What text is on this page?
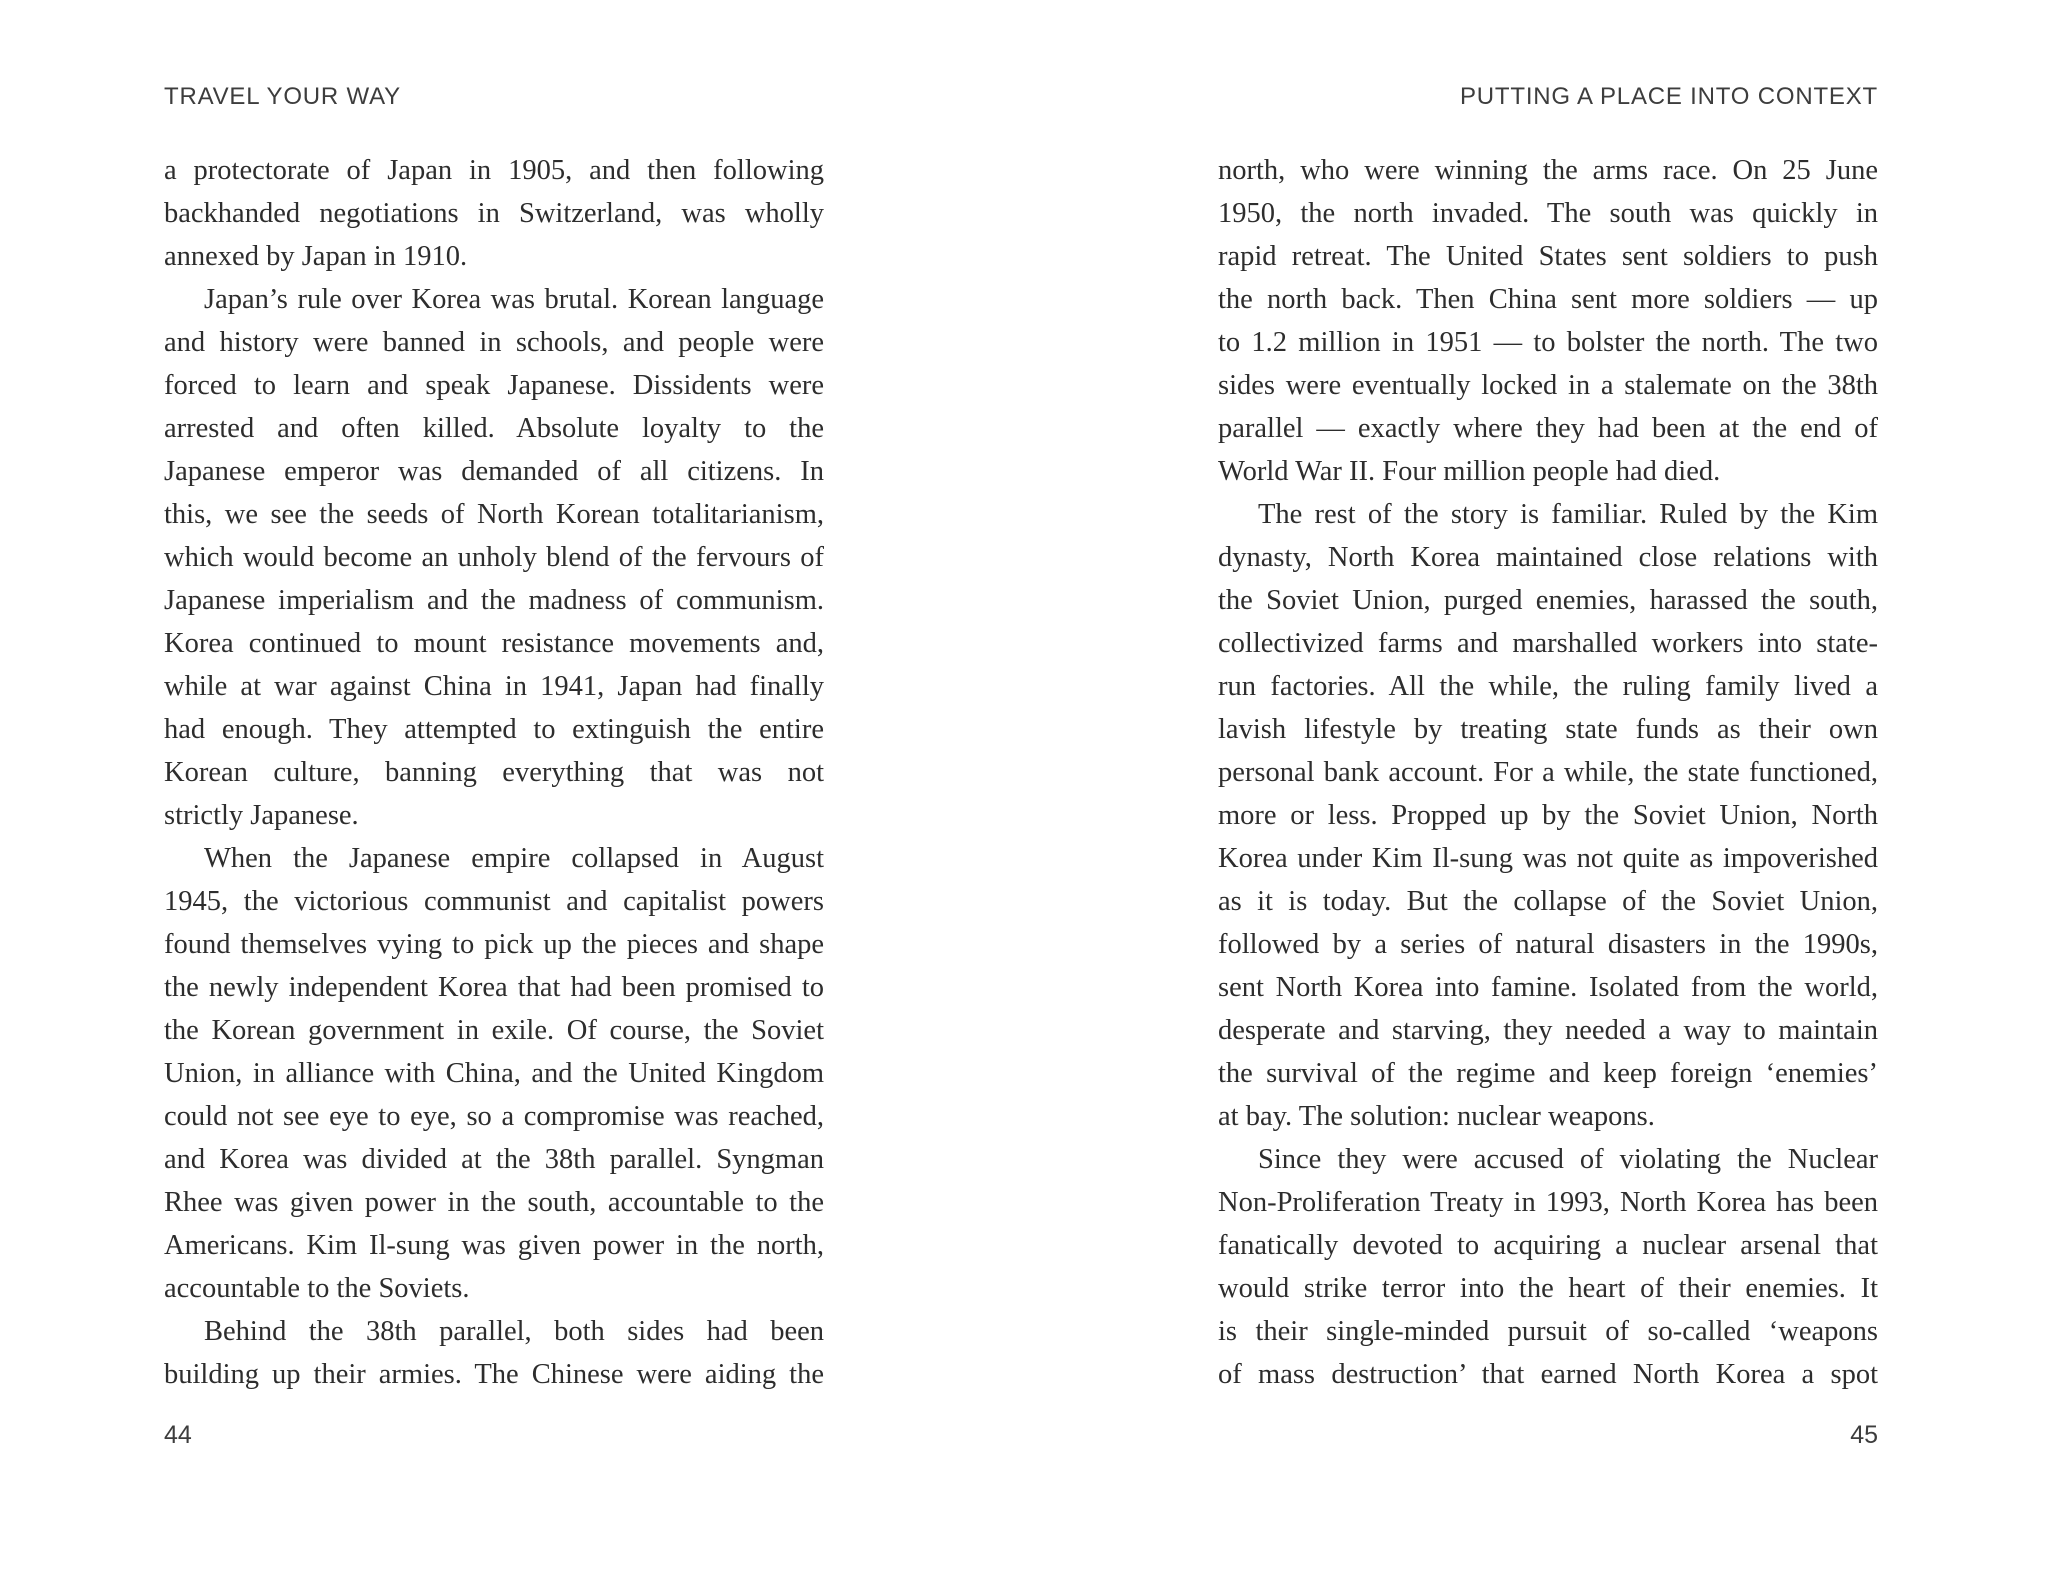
TRAVEL YOUR WAY
a protectorate of Japan in 1905, and then following
backhanded negotiations in Switzerland, was wholly
annexed by Japan in 1910.
Japan’s rule over Korea was brutal. Korean language
and history were banned in schools, and people were
forced to learn and speak Japanese. Dissidents were
arrested and often killed. Absolute loyalty to the
Japanese emperor was demanded of all citizens. In
this, we see the seeds of North Korean totalitarianism,
which would become an unholy blend of the fervours of
Japanese imperialism and the madness of communism.
Korea continued to mount resistance movements and,
while at war against China in 1941, Japan had finally
had enough. They attempted to extinguish the entire
Korean culture, banning everything that was not
strictly Japanese.
When the Japanese empire collapsed in August
1945, the victorious communist and capitalist powers
found themselves vying to pick up the pieces and shape
the newly independent Korea that had been promised to
the Korean government in exile. Of course, the Soviet
Union, in alliance with China, and the United Kingdom
could not see eye to eye, so a compromise was reached,
and Korea was divided at the 38th parallel. Syngman
Rhee was given power in the south, accountable to the
Americans. Kim Il-sung was given power in the north,
accountable to the Soviets.
Behind the 38th parallel, both sides had been
building up their armies. The Chinese were aiding the
44
PUTTING A PLACE INTO CONTEXT
north, who were winning the arms race. On 25 June
1950, the north invaded. The south was quickly in
rapid retreat. The United States sent soldiers to push
the north back. Then China sent more soldiers — up
to 1.2 million in 1951 — to bolster the north. The two
sides were eventually locked in a stalemate on the 38th
parallel — exactly where they had been at the end of
World War II. Four million people had died.
The rest of the story is familiar. Ruled by the Kim
dynasty, North Korea maintained close relations with
the Soviet Union, purged enemies, harassed the south,
collectivized farms and marshalled workers into state-
run factories. All the while, the ruling family lived a
lavish lifestyle by treating state funds as their own
personal bank account. For a while, the state functioned,
more or less. Propped up by the Soviet Union, North
Korea under Kim Il-sung was not quite as impoverished
as it is today. But the collapse of the Soviet Union,
followed by a series of natural disasters in the 1990s,
sent North Korea into famine. Isolated from the world,
desperate and starving, they needed a way to maintain
the survival of the regime and keep foreign ‘enemies’
at bay. The solution: nuclear weapons.
Since they were accused of violating the Nuclear
Non-Proliferation Treaty in 1993, North Korea has been
fanatically devoted to acquiring a nuclear arsenal that
would strike terror into the heart of their enemies. It
is their single-minded pursuit of so-called ‘weapons
of mass destruction’ that earned North Korea a spot
45
